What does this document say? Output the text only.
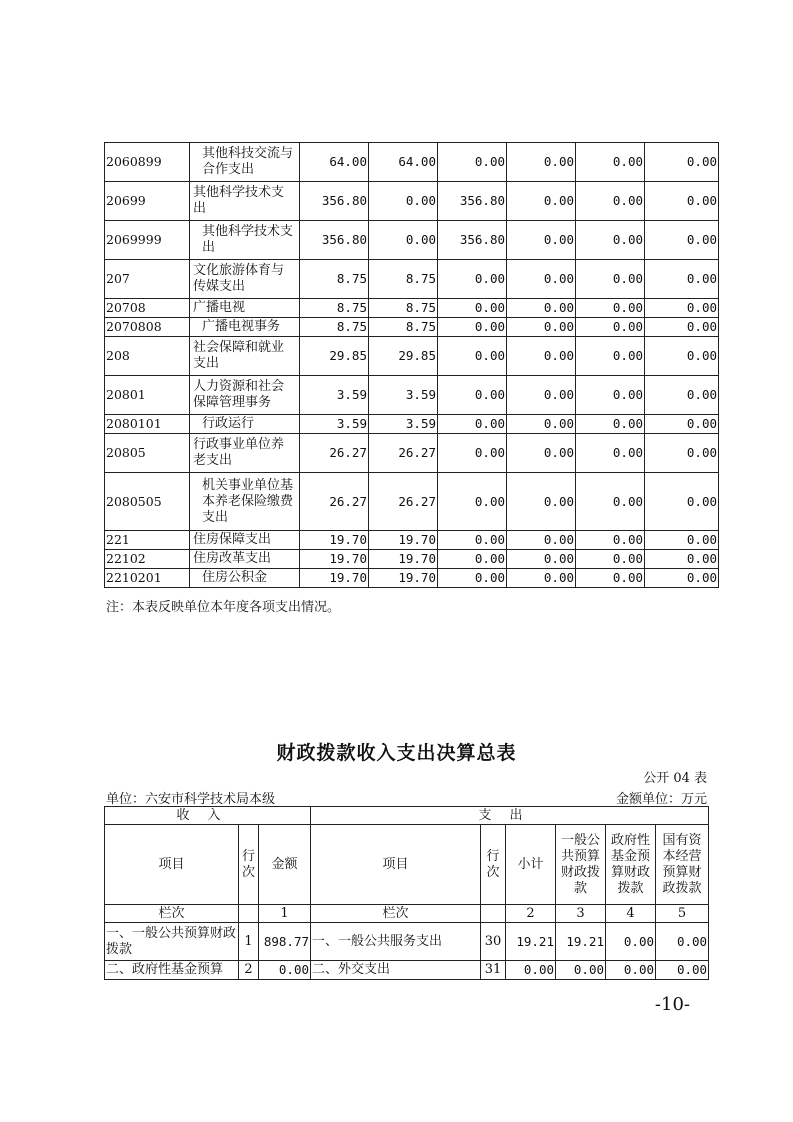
2060899	其他科技交流与合作支出	64.00	64.00	0.00	0.00	0.00	0.00
20699	其他科学技术支出	356.80	0.00	356.80	0.00	0.00	0.00
2069999	其他科学技术支出	356.80	0.00	356.80	0.00	0.00	0.00
207	文化旅游体育与传媒支出	8.75	8.75	0.00	0.00	0.00	0.00
20708	广播电视	8.75	8.75	0.00	0.00	0.00	0.00
2070808	广播电视事务	8.75	8.75	0.00	0.00	0.00	0.00
208	社会保障和就业支出	29.85	29.85	0.00	0.00	0.00	0.00
20801	人力资源和社会保障管理事务	3.59	3.59	0.00	0.00	0.00	0.00
2080101	行政运行	3.59	3.59	0.00	0.00	0.00	0.00
20805	行政事业单位养老支出	26.27	26.27	0.00	0.00	0.00	0.00
2080505	机关事业单位基本养老保险缴费支出	26.27	26.27	0.00	0.00	0.00	0.00
221	住房保障支出	19.70	19.70	0.00	0.00	0.00	0.00
22102	住房改革支出	19.70	19.70	0.00	0.00	0.00	0.00
2210201	住房公积金	19.70	19.70	0.00	0.00	0.00	0.00
注：本表反映单位本年度各项支出情况。
财政拨款收入支出决算总表
公开 04 表
单位：六安市科学技术局本级	金额单位：万元
收入			支出					
项目	行次	金额	项目	行次	小计	一般公共预算财政拨款	政府性基金预算财政拨款	国有资本经营预算财政拨款
栏次		1	栏次		2	3	4	5
一、一般公共预算财政拨款	1	898.77	一、一般公共服务支出	30	19.21	19.21	0.00	0.00
二、政府性基金预算	2	0.00	二、外交支出	31	0.00	0.00	0.00	0.00
-10-
